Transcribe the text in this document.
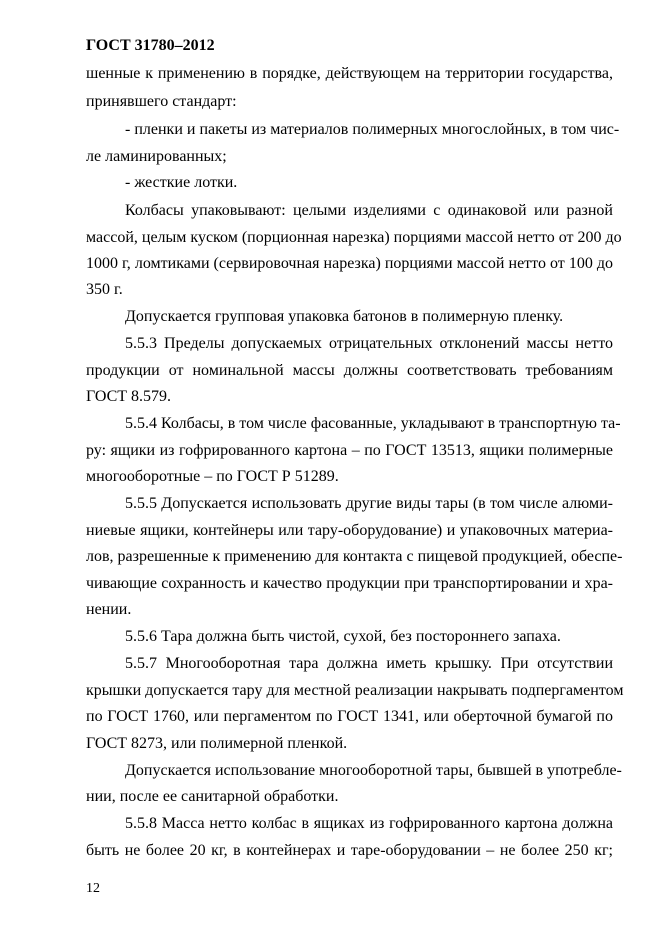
ГОСТ 31780–2012
шенные к применению в порядке, действующем на территории государства,
принявшего стандарт:
- пленки и пакеты из материалов полимерных многослойных, в том чис-
ле ламинированных;
- жесткие лотки.
Колбасы упаковывают: целыми изделиями с одинаковой или разной
массой, целым куском (порционная нарезка) порциями массой нетто от 200 до
1000 г, ломтиками (сервировочная нарезка) порциями массой нетто от 100 до
350 г.
Допускается групповая упаковка батонов в полимерную пленку.
5.5.3 Пределы допускаемых отрицательных отклонений массы нетто
продукции от номинальной массы должны соответствовать требованиям
ГОСТ 8.579.
5.5.4 Колбасы, в том числе фасованные, укладывают в транспортную та-
ру: ящики из гофрированного картона – по ГОСТ 13513, ящики полимерные
многооборотные – по ГОСТ Р 51289.
5.5.5 Допускается использовать другие виды тары (в том числе алюми-
ниевые ящики, контейнеры или тару-оборудование) и упаковочных материа-
лов, разрешенные к применению для контакта с пищевой продукцией, обеспе-
чивающие сохранность и качество продукции при транспортировании и хра-
нении.
5.5.6 Тара должна быть чистой, сухой, без постороннего запаха.
5.5.7 Многооборотная тара должна иметь крышку. При отсутствии
крышки допускается тару для местной реализации накрывать подпергаментом
по ГОСТ 1760, или пергаментом по ГОСТ 1341, или оберточной бумагой по
ГОСТ 8273, или полимерной пленкой.
Допускается использование многооборотной тары, бывшей в употребле-
нии, после ее санитарной обработки.
5.5.8 Масса нетто колбас в ящиках из гофрированного картона должна
быть не более 20 кг, в контейнерах и таре-оборудовании – не более 250 кг;
12
